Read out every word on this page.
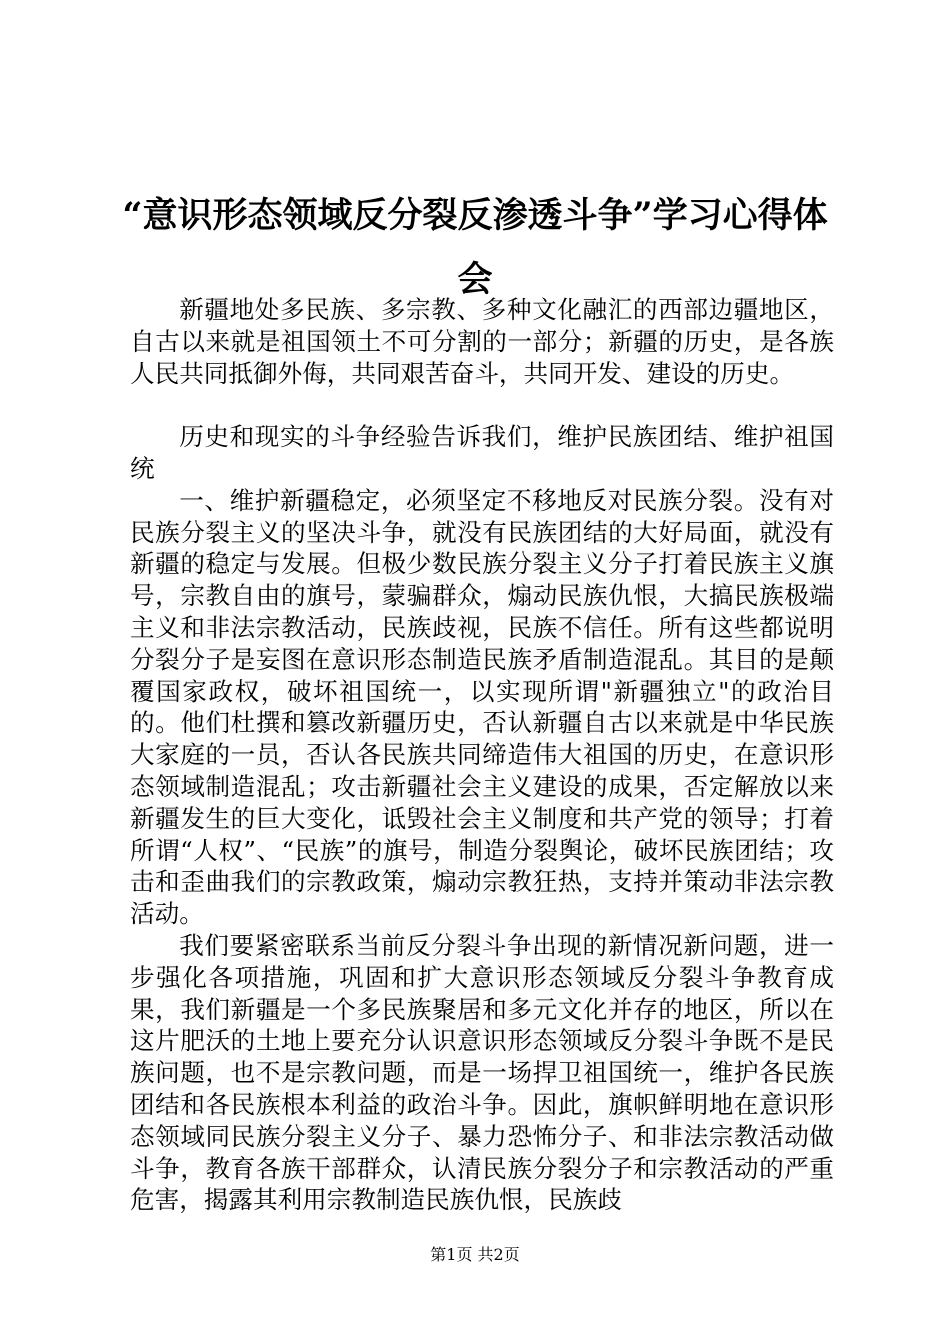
“意识形态领域反分裂反渗透斗争”学习心得体会

新疆地处多民族、多宗教、多种文化融汇的西部边疆地区，自古以来就是祖国领土不可分割的一部分；新疆的历史，是各族人民共同抵御外侮，共同艰苦奋斗，共同开发、建设的历史。

历史和现实的斗争经验告诉我们，维护民族团结、维护祖国统

一、维护新疆稳定，必须坚定不移地反对民族分裂。没有对民族分裂主义的坚决斗争，就没有民族团结的大好局面，就没有新疆的稳定与发展。但极少数民族分裂主义分子打着民族主义旗号，宗教自由的旗号，蒙骗群众，煽动民族仇恨，大搞民族极端主义和非法宗教活动，民族歧视，民族不信任。所有这些都说明分裂分子是妄图在意识形态制造民族矛盾制造混乱。其目的是颠覆国家政权，破坏祖国统一，以实现所谓"新疆独立"的政治目的。他们杜撰和篡改新疆历史，否认新疆自古以来就是中华民族大家庭的一员，否认各民族共同缔造伟大祖国的历史，在意识形态领域制造混乱；攻击新疆社会主义建设的成果，否定解放以来新疆发生的巨大变化，诋毁社会主义制度和共产党的领导；打着所谓“人权”、“民族”的旗号，制造分裂舆论，破坏民族团结；攻击和歪曲我们的宗教政策，煽动宗教狂热，支持并策动非法宗教活动。

我们要紧密联系当前反分裂斗争出现的新情况新问题，进一步强化各项措施，巩固和扩大意识形态领域反分裂斗争教育成果，我们新疆是一个多民族聚居和多元文化并存的地区，所以在这片肥沃的土地上要充分认识意识形态领域反分裂斗争既不是民族问题，也不是宗教问题，而是一场捍卫祖国统一，维护各民族团结和各民族根本利益的政治斗争。因此，旗帜鲜明地在意识形态领域同民族分裂主义分子、暴力恐怖分子、和非法宗教活动做斗争，教育各族干部群众，认清民族分裂分子和宗教活动的严重危害，揭露其利用宗教制造民族仇恨，民族歧

第1页 共2页
